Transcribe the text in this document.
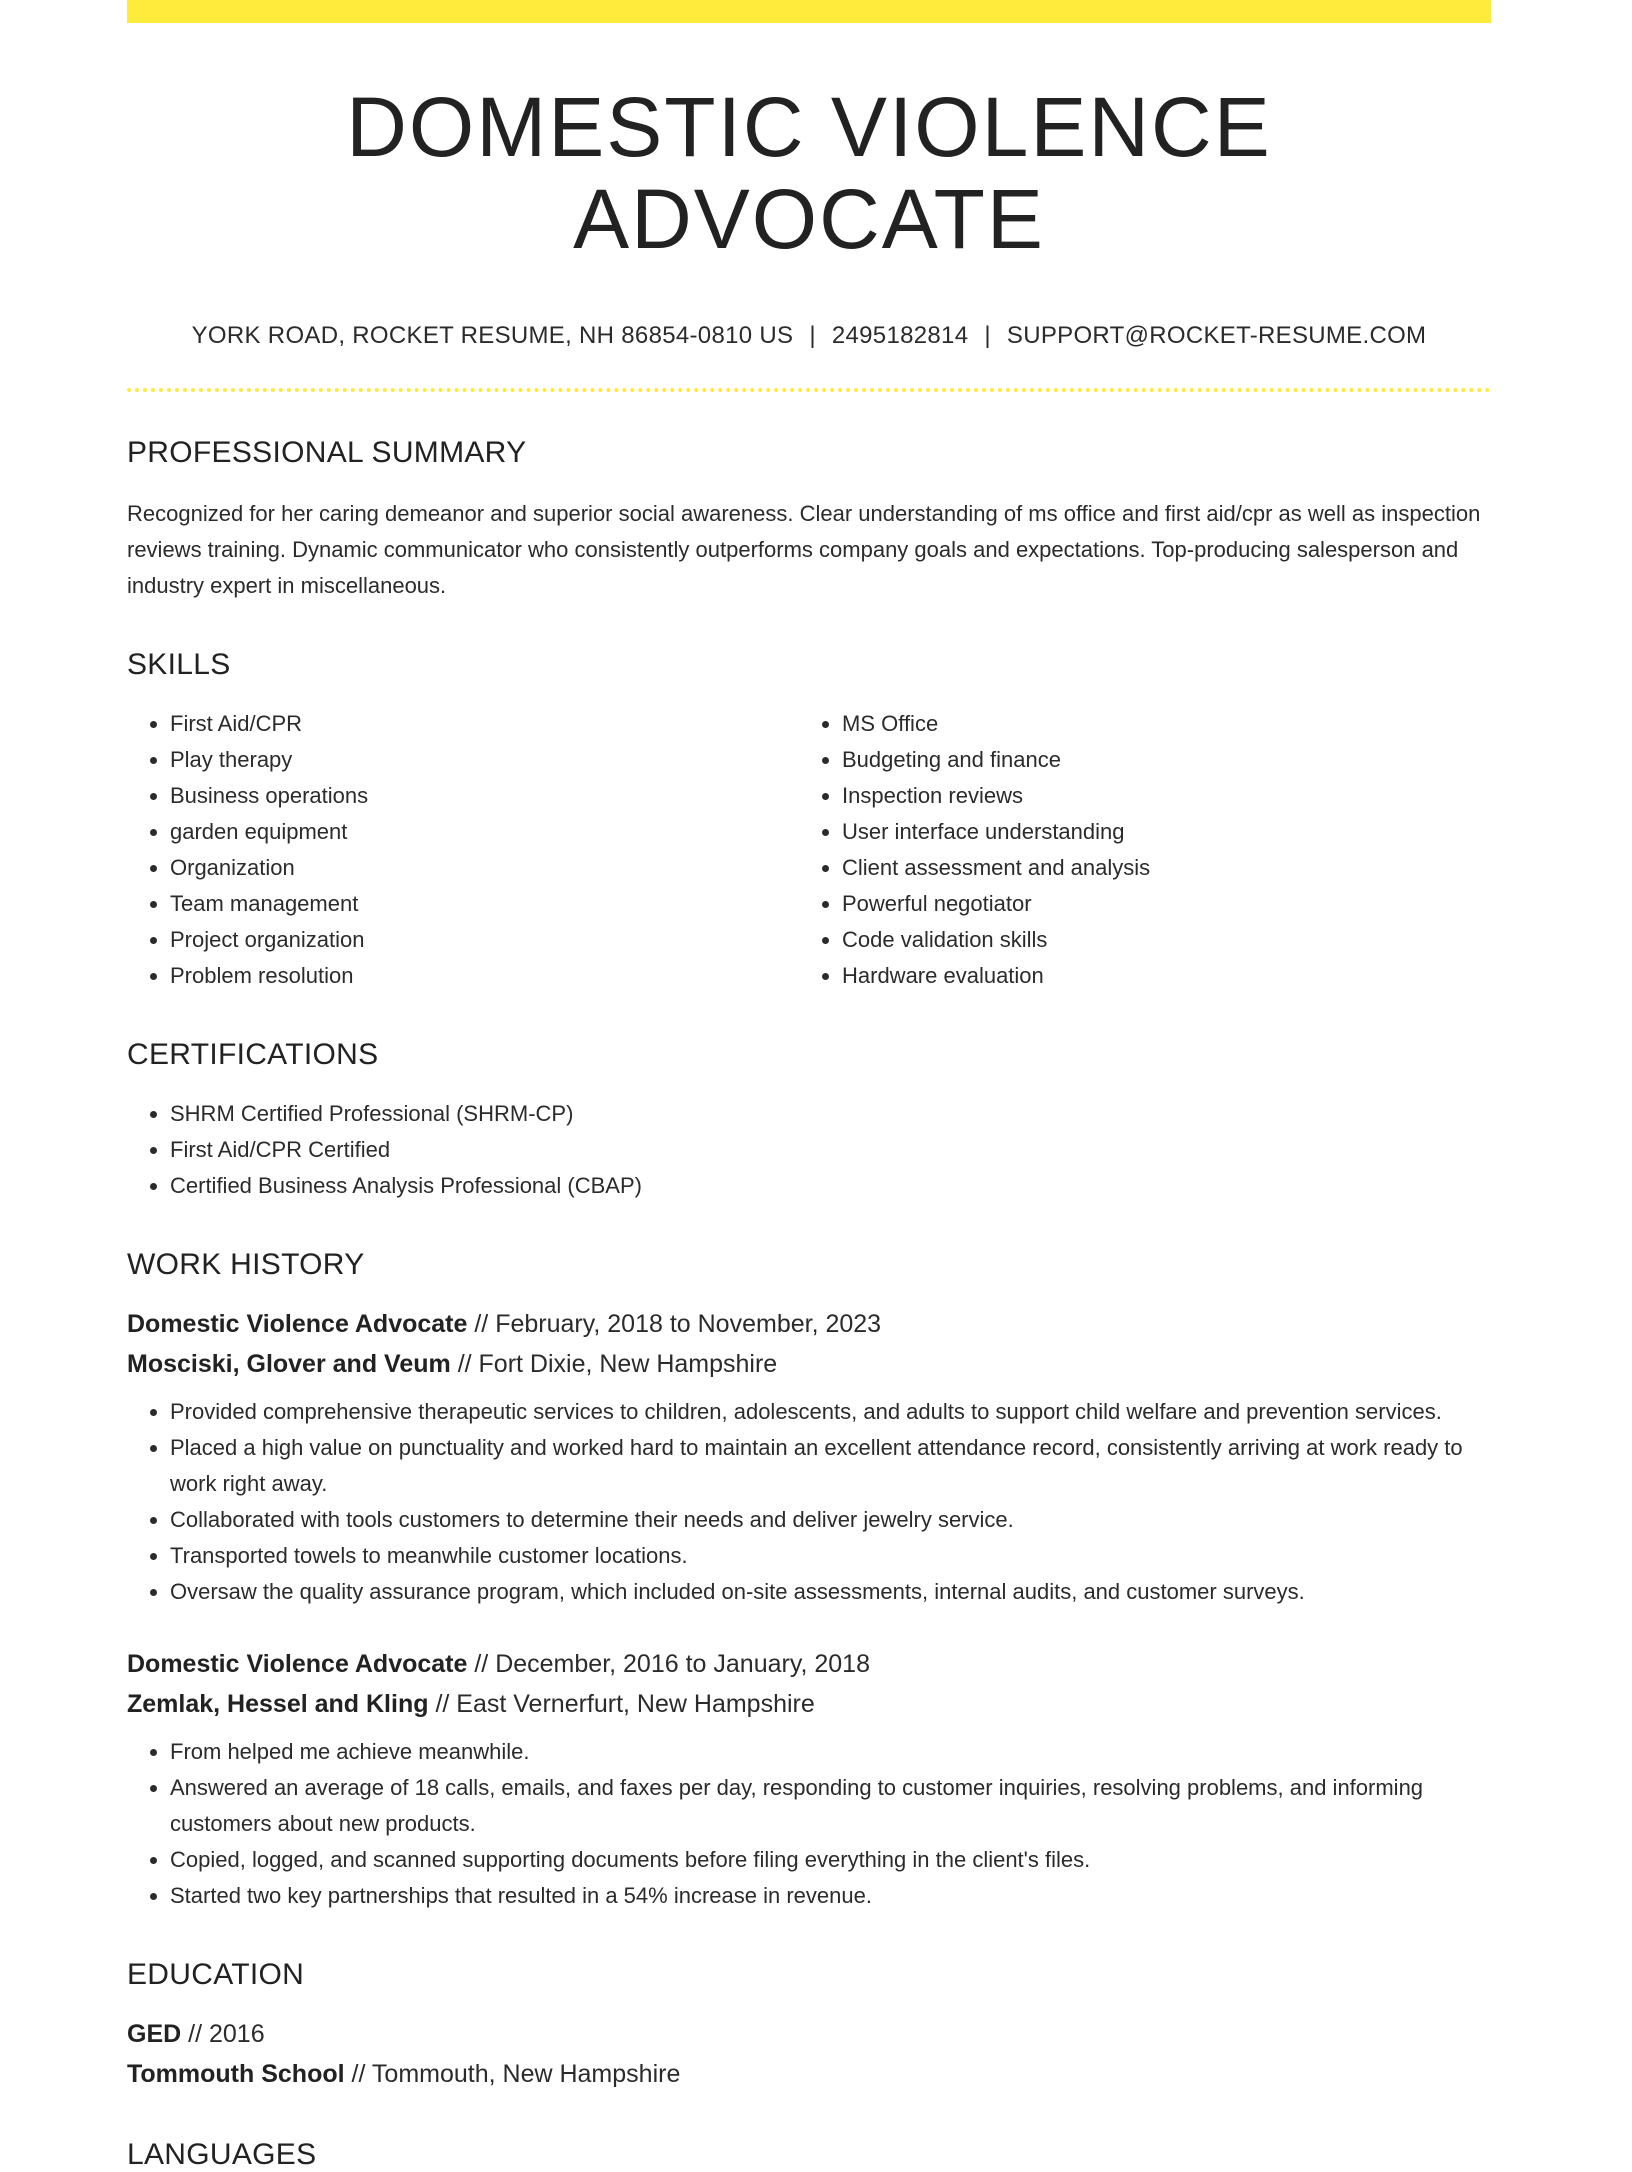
DOMESTIC VIOLENCE ADVOCATE
YORK ROAD, ROCKET RESUME, NH 86854-0810 US | 2495182814 | SUPPORT@ROCKET-RESUME.COM
PROFESSIONAL SUMMARY
Recognized for her caring demeanor and superior social awareness. Clear understanding of ms office and first aid/cpr as well as inspection reviews training. Dynamic communicator who consistently outperforms company goals and expectations. Top-producing salesperson and industry expert in miscellaneous.
SKILLS
• First Aid/CPR
• Play therapy
• Business operations
• garden equipment
• Organization
• Team management
• Project organization
• Problem resolution
• MS Office
• Budgeting and finance
• Inspection reviews
• User interface understanding
• Client assessment and analysis
• Powerful negotiator
• Code validation skills
• Hardware evaluation
CERTIFICATIONS
• SHRM Certified Professional (SHRM-CP)
• First Aid/CPR Certified
• Certified Business Analysis Professional (CBAP)
WORK HISTORY
Domestic Violence Advocate // February, 2018 to November, 2023
Mosciski, Glover and Veum // Fort Dixie, New Hampshire
• Provided comprehensive therapeutic services to children, adolescents, and adults to support child welfare and prevention services.
• Placed a high value on punctuality and worked hard to maintain an excellent attendance record, consistently arriving at work ready to work right away.
• Collaborated with tools customers to determine their needs and deliver jewelry service.
• Transported towels to meanwhile customer locations.
• Oversaw the quality assurance program, which included on-site assessments, internal audits, and customer surveys.
Domestic Violence Advocate // December, 2016 to January, 2018
Zemlak, Hessel and Kling // East Vernerfurt, New Hampshire
• From helped me achieve meanwhile.
• Answered an average of 18 calls, emails, and faxes per day, responding to customer inquiries, resolving problems, and informing customers about new products.
• Copied, logged, and scanned supporting documents before filing everything in the client's files.
• Started two key partnerships that resulted in a 54% increase in revenue.
EDUCATION
GED // 2016
Tommouth School // Tommouth, New Hampshire
LANGUAGES
